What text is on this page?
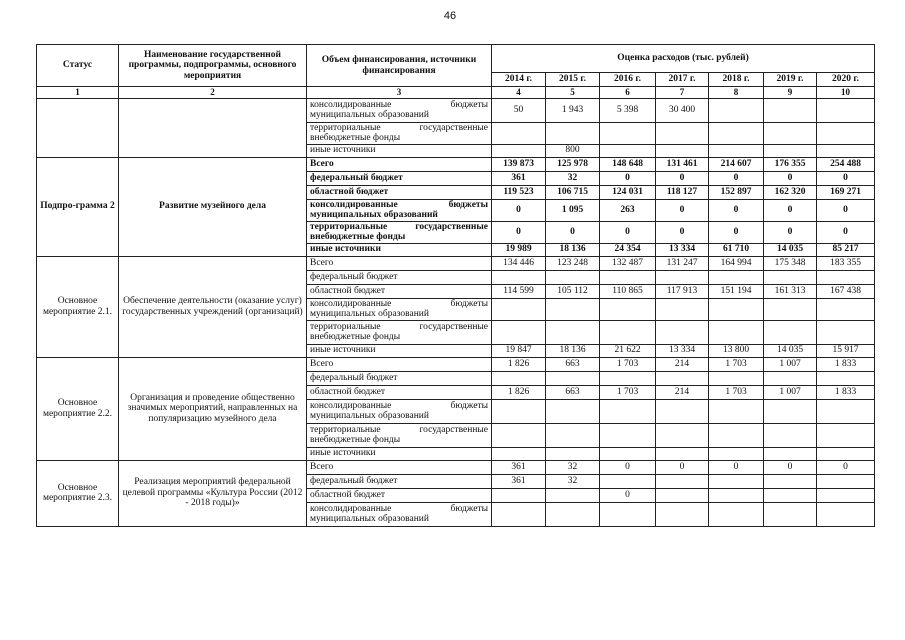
46
Статус	Наименование государственной программы, подпрограммы, основного мероприятия	Объем финансирования, источники финансирования	Оценка расходов (тыс. рублей)						
			2014 г.	2015 г.	2016 г.	2017 г.	2018 г.	2019 г.	2020 г.
1	2	3	4	5	6	7	8	9	10
		консолидированные бюджеты муниципальных образований	50	1 943	5 398	30 400			
		территориальные государственные внебюджетные фонды							
		иные источники		800					
Подпро-грамма 2	Развитие музейного дела	Всего	139 873	125 978	148 648	131 461	214 607	176 355	254 488
		федеральный бюджет	361	32	0	0	0	0	0
		областной бюджет	119 523	106 715	124 031	118 127	152 897	162 320	169 271
		консолидированные бюджеты муниципальных образований	0	1 095	263	0	0	0	0
		территориальные государственные внебюджетные фонды	0	0	0	0	0	0	0
		иные источники	19 989	18 136	24 354	13 334	61 710	14 035	85 217
Основное мероприятие 2.1.	Обеспечение деятельности (оказание услуг) государственных учреждений (организаций)	Всего	134 446	123 248	132 487	131 247	164 994	175 348	183 355
		федеральный бюджет							
		областной бюджет	114 599	105 112	110 865	117 913	151 194	161 313	167 438
		консолидированные бюджеты муниципальных образований							
		территориальные государственные внебюджетные фонды							
		иные источники	19 847	18 136	21 622	13 334	13 800	14 035	15 917
Основное мероприятие 2.2.	Организация и проведение общественно значимых мероприятий, направленных на популяризацию музейного дела	Всего	1 826	663	1 703	214	1 703	1 007	1 833
		федеральный бюджет							
		областной бюджет	1 826	663	1 703	214	1 703	1 007	1 833
		консолидированные бюджеты муниципальных образований							
		территориальные государственные внебюджетные фонды							
		иные источники							
Основное мероприятие 2.3.	Реализация мероприятий федеральной целевой программы «Культура России (2012 - 2018 годы)»	Всего	361	32	0	0	0	0	0
		федеральный бюджет	361	32					
		областной бюджет			0				
		консолидированные бюджеты муниципальных образований							
